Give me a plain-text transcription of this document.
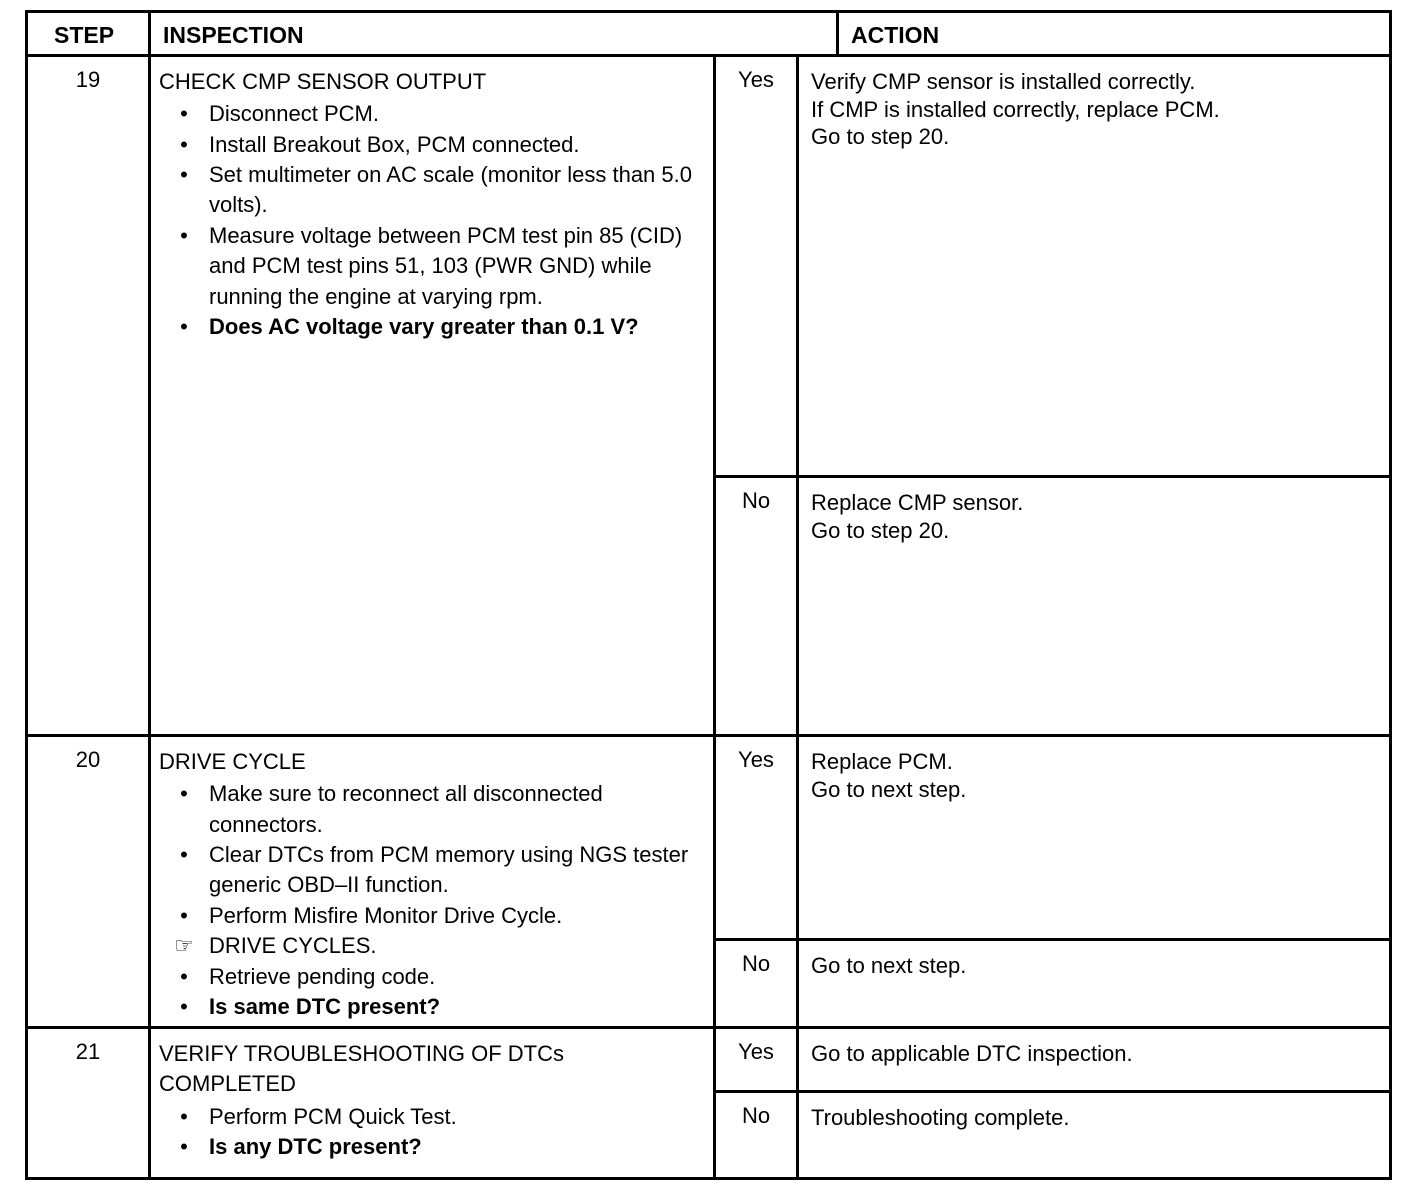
STEP	INSPECTION	ACTION
19	CHECK CMP SENSOR OUTPUT
• Disconnect PCM.
• Install Breakout Box, PCM connected.
• Set multimeter on AC scale (monitor less than 5.0 volts).
• Measure voltage between PCM test pin 85 (CID) and PCM test pins 51, 103 (PWR GND) while running the engine at varying rpm.
• Does AC voltage vary greater than 0.1 V?
Yes	Verify CMP sensor is installed correctly.

If CMP is installed correctly, replace PCM.

Go to step 20.

No	Replace CMP sensor.

Go to step 20.

20	DRIVE CYCLE
• Make sure to reconnect all disconnected connectors.
• Clear DTCs from PCM memory using NGS tester generic OBD–II function.
• Perform Misfire Monitor Drive Cycle.
☞ DRIVE CYCLES.
• Retrieve pending code.
• Is same DTC present?
Yes	Replace PCM.

Go to next step.

No	Go to next step.

21	VERIFY TROUBLESHOOTING OF DTCs COMPLETED
• Perform PCM Quick Test.
• Is any DTC present?
Yes	Go to applicable DTC inspection.

No	Troubleshooting complete.
